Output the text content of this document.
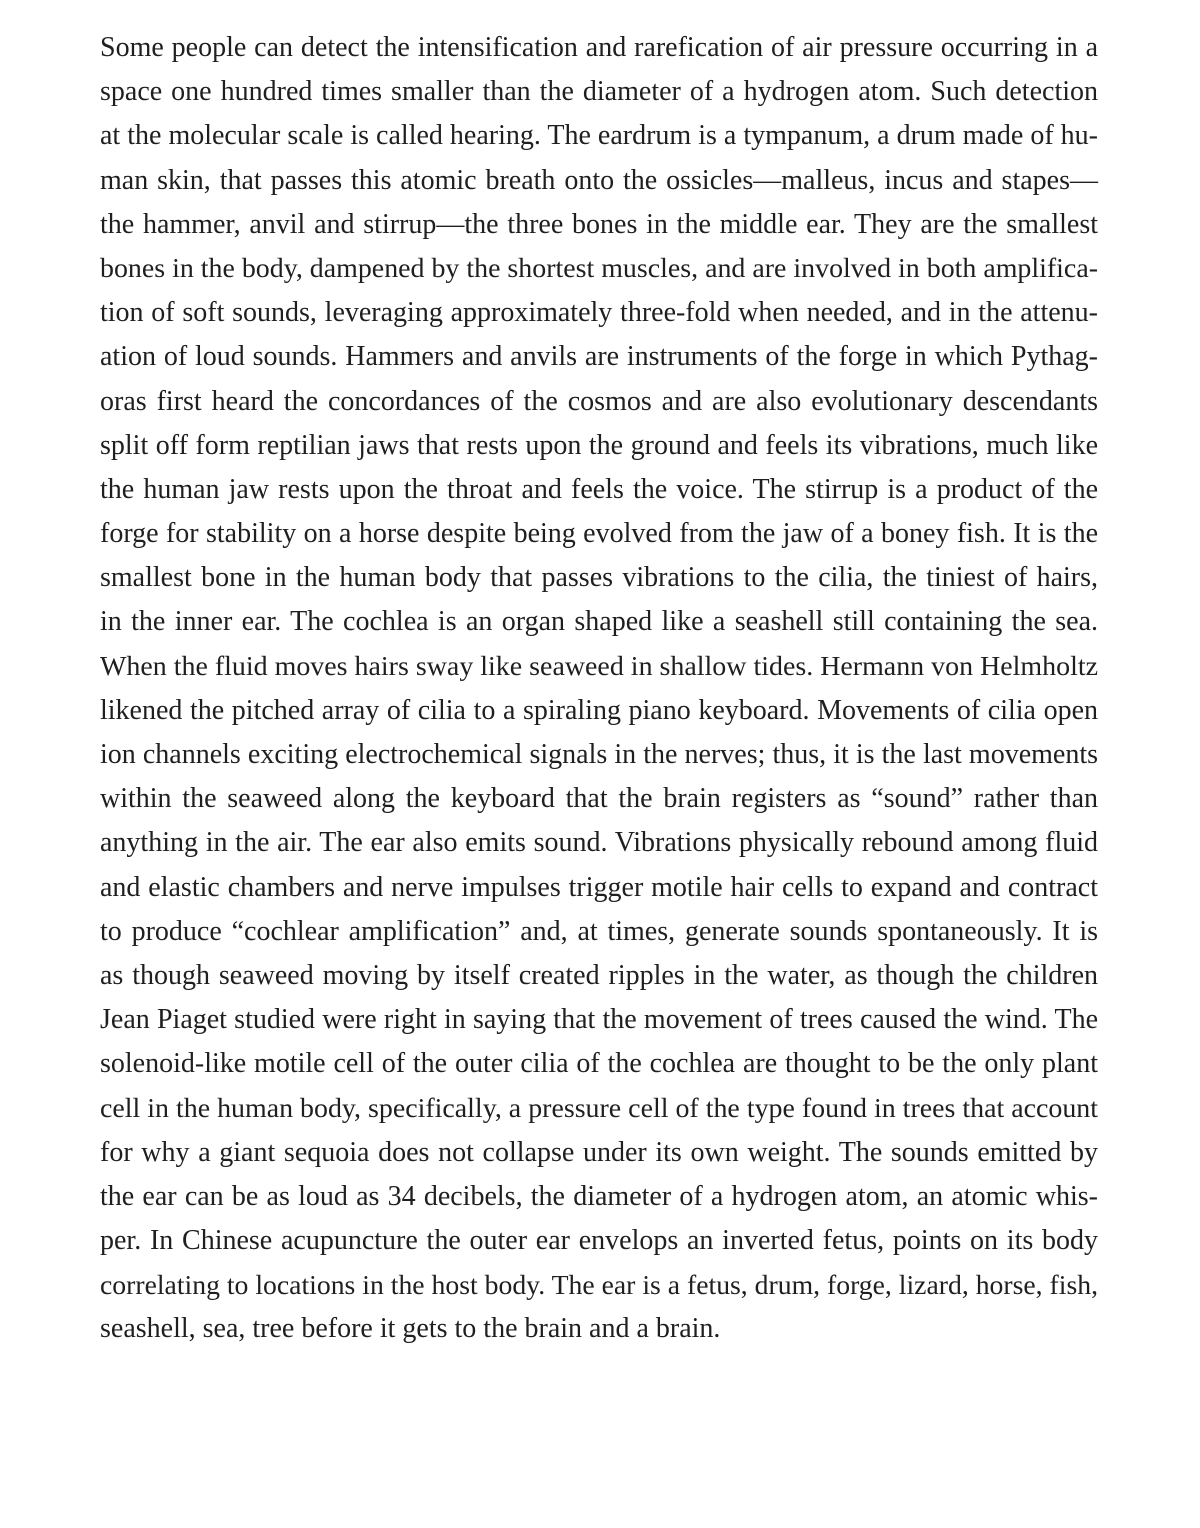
Some people can detect the intensification and rarefication of air pressure occurring in a
space one hundred times smaller than the diameter of a hydrogen atom. Such detection
at the molecular scale is called hearing. The eardrum is a tympanum, a drum made of hu-
man skin, that passes this atomic breath onto the ossicles—malleus, incus and stapes—
the hammer, anvil and stirrup—the three bones in the middle ear. They are the smallest
bones in the body, dampened by the shortest muscles, and are involved in both amplifica-
tion of soft sounds, leveraging approximately three-fold when needed, and in the attenu-
ation of loud sounds. Hammers and anvils are instruments of the forge in which Pythag-
oras first heard the concordances of the cosmos and are also evolutionary descendants
split off form reptilian jaws that rests upon the ground and feels its vibrations, much like
the human jaw rests upon the throat and feels the voice. The stirrup is a product of the
forge for stability on a horse despite being evolved from the jaw of a boney fish. It is the
smallest bone in the human body that passes vibrations to the cilia, the tiniest of hairs,
in the inner ear. The cochlea is an organ shaped like a seashell still containing the sea.
When the fluid moves hairs sway like seaweed in shallow tides. Hermann von Helmholtz
likened the pitched array of cilia to a spiraling piano keyboard. Movements of cilia open
ion channels exciting electrochemical signals in the nerves; thus, it is the last movements
within the seaweed along the keyboard that the brain registers as “sound” rather than
anything in the air. The ear also emits sound. Vibrations physically rebound among fluid
and elastic chambers and nerve impulses trigger motile hair cells to expand and contract
to produce “cochlear amplification” and, at times, generate sounds spontaneously. It is
as though seaweed moving by itself created ripples in the water, as though the children
Jean Piaget studied were right in saying that the movement of trees caused the wind. The
solenoid-like motile cell of the outer cilia of the cochlea are thought to be the only plant
cell in the human body, specifically, a pressure cell of the type found in trees that account
for why a giant sequoia does not collapse under its own weight. The sounds emitted by
the ear can be as loud as 34 decibels, the diameter of a hydrogen atom, an atomic whis-
per. In Chinese acupuncture the outer ear envelops an inverted fetus, points on its body
correlating to locations in the host body. The ear is a fetus, drum, forge, lizard, horse, fish,
seashell, sea, tree before it gets to the brain and a brain.
